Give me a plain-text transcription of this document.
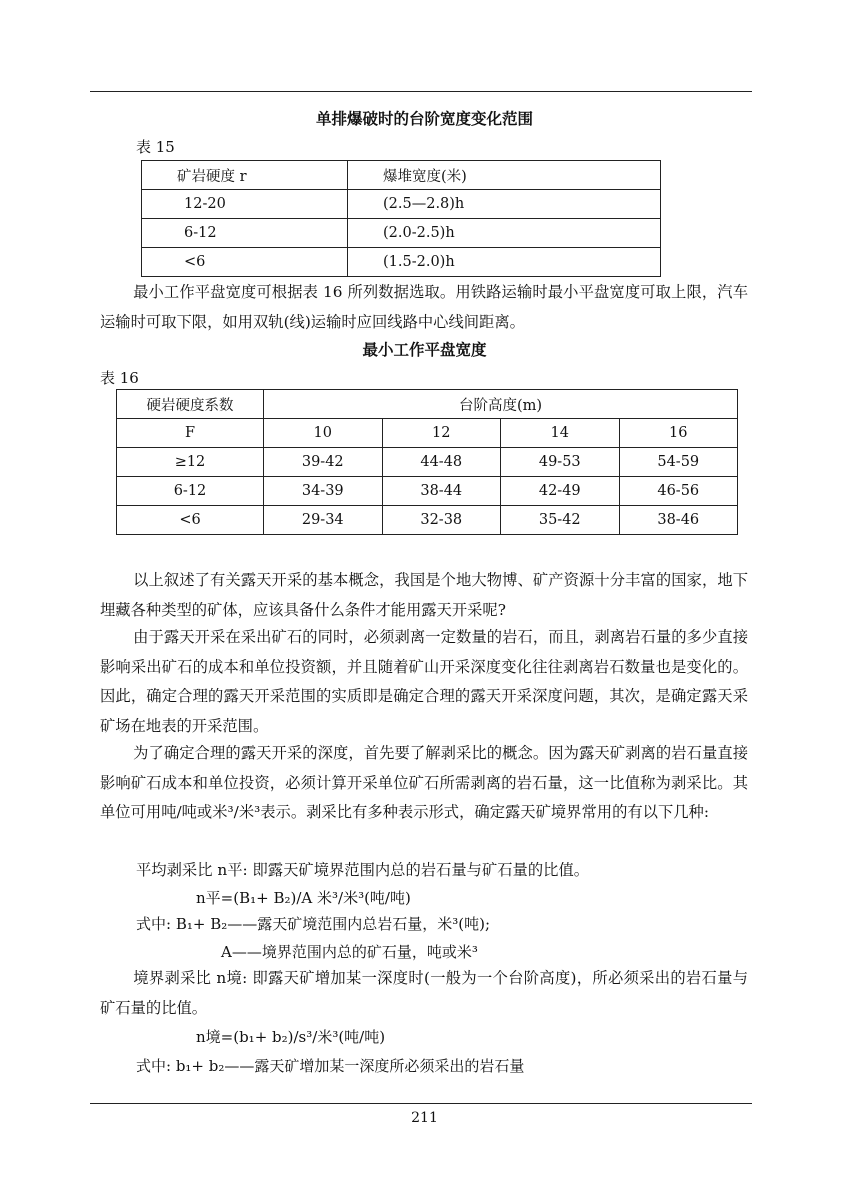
单排爆破时的台阶宽度变化范围
表 15
矿岩硬度 r	爆堆宽度(米)
12-20	(2.5—2.8)h
6-12	(2.0-2.5)h
<6	(1.5-2.0)h
最小工作平盘宽度可根据表 16 所列数据选取。用铁路运输时最小平盘宽度可取上限，汽车运输时可取下限，如用双轨(线)运输时应回线路中心线间距离。
最小工作平盘宽度
表 16
硬岩硬度系数	台阶高度(m)			
F	10	12	14	16
≥12	39-42	44-48	49-53	54-59
6-12	34-39	38-44	42-49	46-56
<6	29-34	32-38	35-42	38-46
以上叙述了有关露天开采的基本概念，我国是个地大物博、矿产资源十分丰富的国家，地下埋藏各种类型的矿体，应该具备什么条件才能用露天开采呢?
由于露天开采在采出矿石的同时，必须剥离一定数量的岩石，而且，剥离岩石量的多少直接影响采出矿石的成本和单位投资额，并且随着矿山开采深度变化往往剥离岩石数量也是变化的。因此，确定合理的露天开采范围的实质即是确定合理的露天开采深度问题，其次，是确定露天采矿场在地表的开采范围。
为了确定合理的露天开采的深度，首先要了解剥采比的概念。因为露天矿剥离的岩石量直接影响矿石成本和单位投资，必须计算开采单位矿石所需剥离的岩石量，这一比值称为剥采比。其单位可用吨/吨或米³/米³表示。剥采比有多种表示形式，确定露天矿境界常用的有以下几种:
平均剥采比 n平: 即露天矿境界范围内总的岩石量与矿石量的比值。
n平=(B₁+ B₂)/A 米³/米³(吨/吨)
式中: B₁+ B₂——露天矿境范围内总岩石量，米³(吨);
A——境界范围内总的矿石量，吨或米³
境界剥采比 n境: 即露天矿增加某一深度时(一般为一个台阶高度)，所必须采出的岩石量与矿石量的比值。
n境=(b₁+ b₂)/s³/米³(吨/吨)
式中: b₁+ b₂——露天矿增加某一深度所必须采出的岩石量
211
